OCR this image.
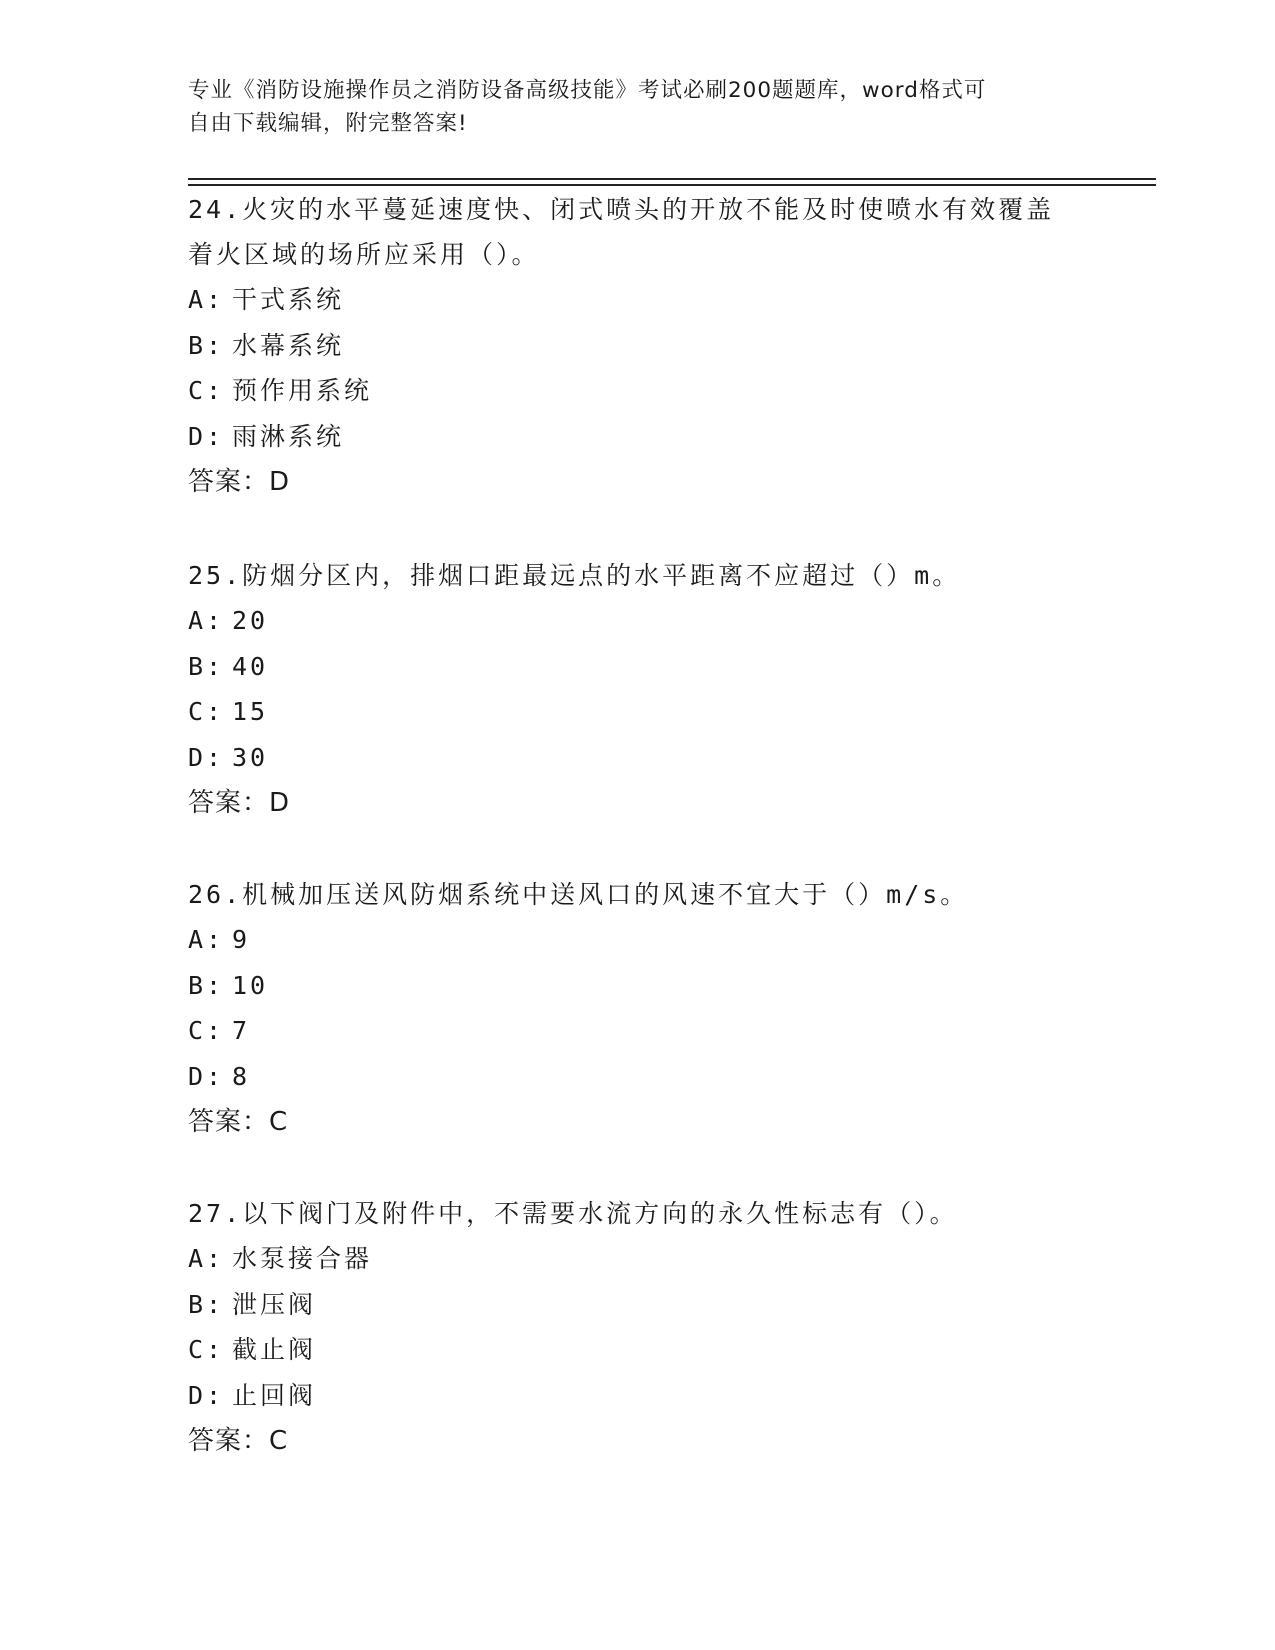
专业《消防设施操作员之消防设备高级技能》考试必刷200题题库，word格式可
自由下载编辑，附完整答案!
24.火灾的水平蔓延速度快、闭式喷头的开放不能及时使喷水有效覆盖
着火区域的场所应采用（）。
A: 干式系统
B: 水幕系统
C: 预作用系统
D: 雨淋系统
答案：D
25.防烟分区内，排烟口距最远点的水平距离不应超过（）m。
A: 20
B: 40
C: 15
D: 30
答案：D
26.机械加压送风防烟系统中送风口的风速不宜大于（）m/s。
A: 9
B: 10
C: 7
D: 8
答案：C
27.以下阀门及附件中，不需要水流方向的永久性标志有（）。
A: 水泵接合器
B: 泄压阀
C: 截止阀
D: 止回阀
答案：C
